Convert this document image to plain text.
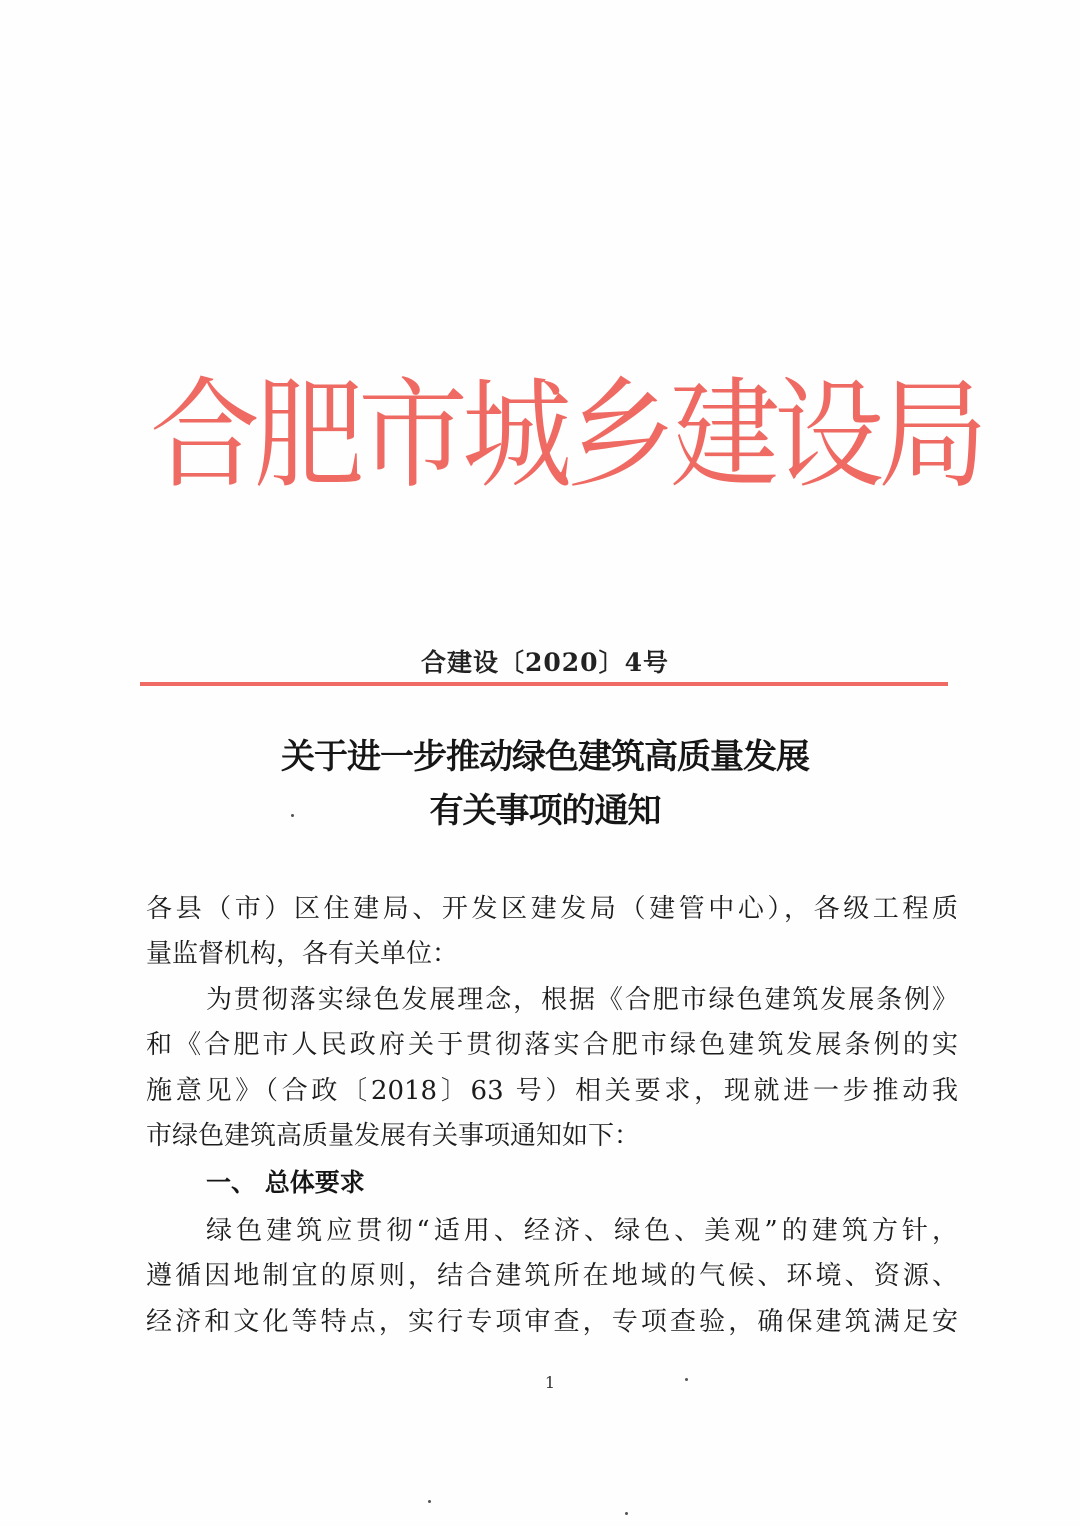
合肥市城乡建设局
合建设〔2020〕4号
关于进一步推动绿色建筑高质量发展
有关事项的通知
各县（市）区住建局、开发区建发局（建管中心），各级工程质
量监督机构，各有关单位：
为贯彻落实绿色发展理念，根据《合肥市绿色建筑发展条例》
和《合肥市人民政府关于贯彻落实合肥市绿色建筑发展条例的实
施意见》（合政〔2018〕63 号）相关要求，现就进一步推动我
市绿色建筑高质量发展有关事项通知如下：
一、 总体要求
绿色建筑应贯彻“适用、经济、绿色、美观”的建筑方针，
遵循因地制宜的原则，结合建筑所在地域的气候、环境、资源、
经济和文化等特点，实行专项审查，专项查验，确保建筑满足安
1
